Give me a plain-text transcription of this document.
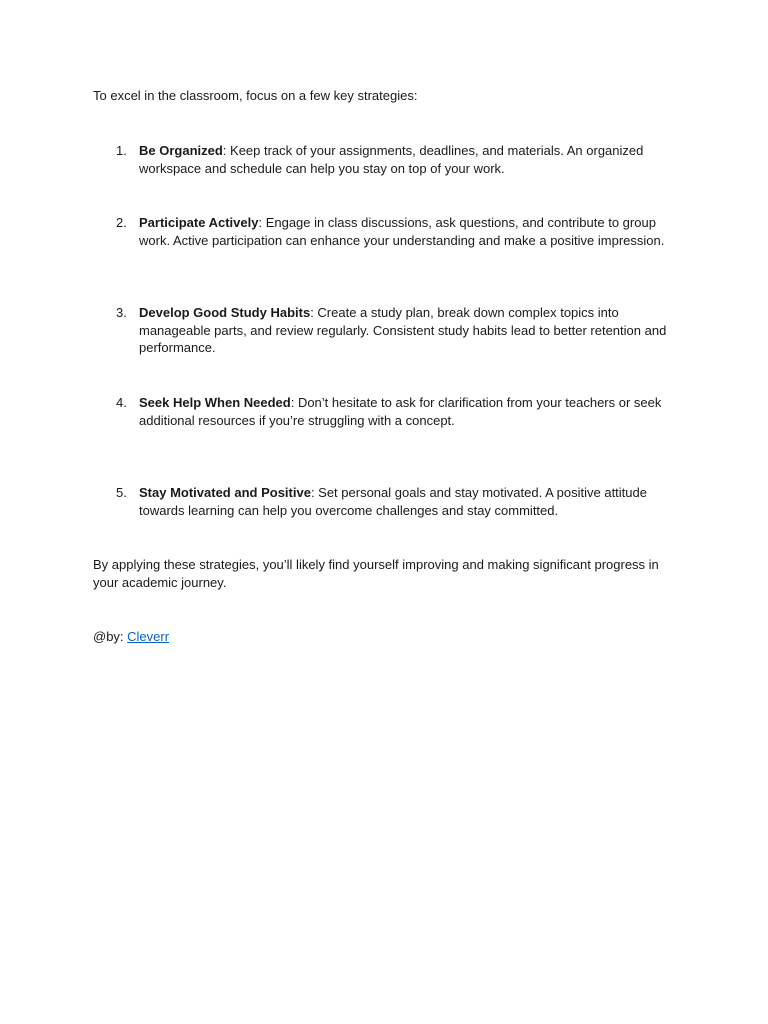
To excel in the classroom, focus on a few key strategies:

1. Be Organized: Keep track of your assignments, deadlines, and materials. An organized workspace and schedule can help you stay on top of your work.
2. Participate Actively: Engage in class discussions, ask questions, and contribute to group work. Active participation can enhance your understanding and make a positive impression.
3. Develop Good Study Habits: Create a study plan, break down complex topics into manageable parts, and review regularly. Consistent study habits lead to better retention and performance.
4. Seek Help When Needed: Don’t hesitate to ask for clarification from your teachers or seek additional resources if you’re struggling with a concept.
5. Stay Motivated and Positive: Set personal goals and stay motivated. A positive attitude towards learning can help you overcome challenges and stay committed.

By applying these strategies, you’ll likely find yourself improving and making significant progress in your academic journey.

@by: Cleverr
